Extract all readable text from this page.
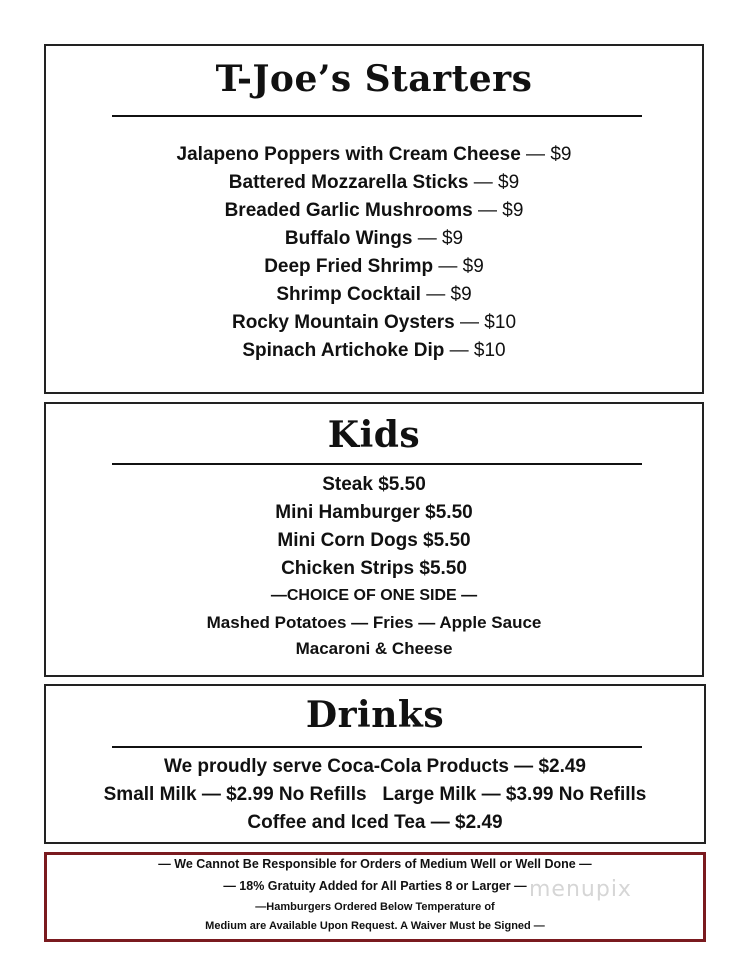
T-Joe’s Starters
Jalapeno Poppers with Cream Cheese — $9
Battered Mozzarella Sticks — $9
Breaded Garlic Mushrooms — $9
Buffalo Wings — $9
Deep Fried Shrimp — $9
Shrimp Cocktail — $9
Rocky Mountain Oysters — $10
Spinach Artichoke Dip — $10
Kids
Steak $5.50
Mini Hamburger $5.50
Mini Corn Dogs $5.50
Chicken Strips $5.50
—CHOICE OF ONE SIDE —
Mashed Potatoes — Fries — Apple Sauce
Macaroni & Cheese
Drinks
We proudly serve Coca-Cola Products — $2.49
Small Milk — $2.99 No Refills   Large Milk — $3.99 No Refills
Coffee and Iced Tea — $2.49
— We Cannot Be Responsible for Orders of Medium Well or Well Done —
— 18% Gratuity Added for All Parties 8 or Larger —
—Hamburgers Ordered Below Temperature of
Medium are Available Upon Request. A Waiver Must be Signed —
menupix
